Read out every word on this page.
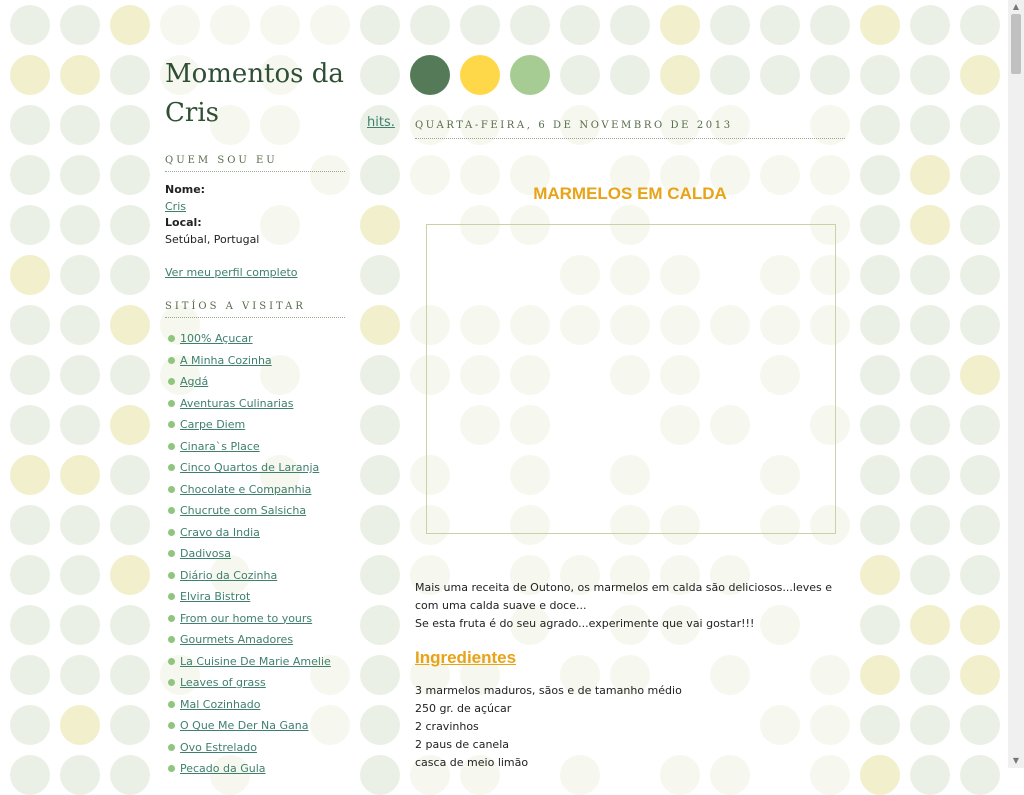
Momentos da Cris
QUEM SOU EU
Nome:
Cris
Local:
Setúbal, Portugal
Ver meu perfil completo
SITÍOS A VISITAR
100% Açucar
A Minha Cozinha
Agdá
Aventuras Culinarias
Carpe Diem
Cinara`s Place
Cinco Quartos de Laranja
Chocolate e Companhia
Chucrute com Salsicha
Cravo da India
Dadivosa
Diário da Cozinha
Elvira Bistrot
From our home to yours
Gourmets Amadores
La Cuisine De Marie Amelie
Leaves of grass
Mal Cozinhado
O Que Me Der Na Gana
Ovo Estrelado
Pecado da Gula
hits. QUARTA-FEIRA, 6 DE NOVEMBRO DE 2013
MARMELOS EM CALDA

Mais uma receita de Outono, os marmelos em calda são deliciosos...leves e com uma calda suave e doce...

Se esta fruta é do seu agrado...experimente que vai gostar!!!

Ingredientes

3 marmelos maduros, sãos e de tamanho médio

250 gr. de açúcar

2 cravinhos

2 paus de canela

casca de meio limão

▲
▼
